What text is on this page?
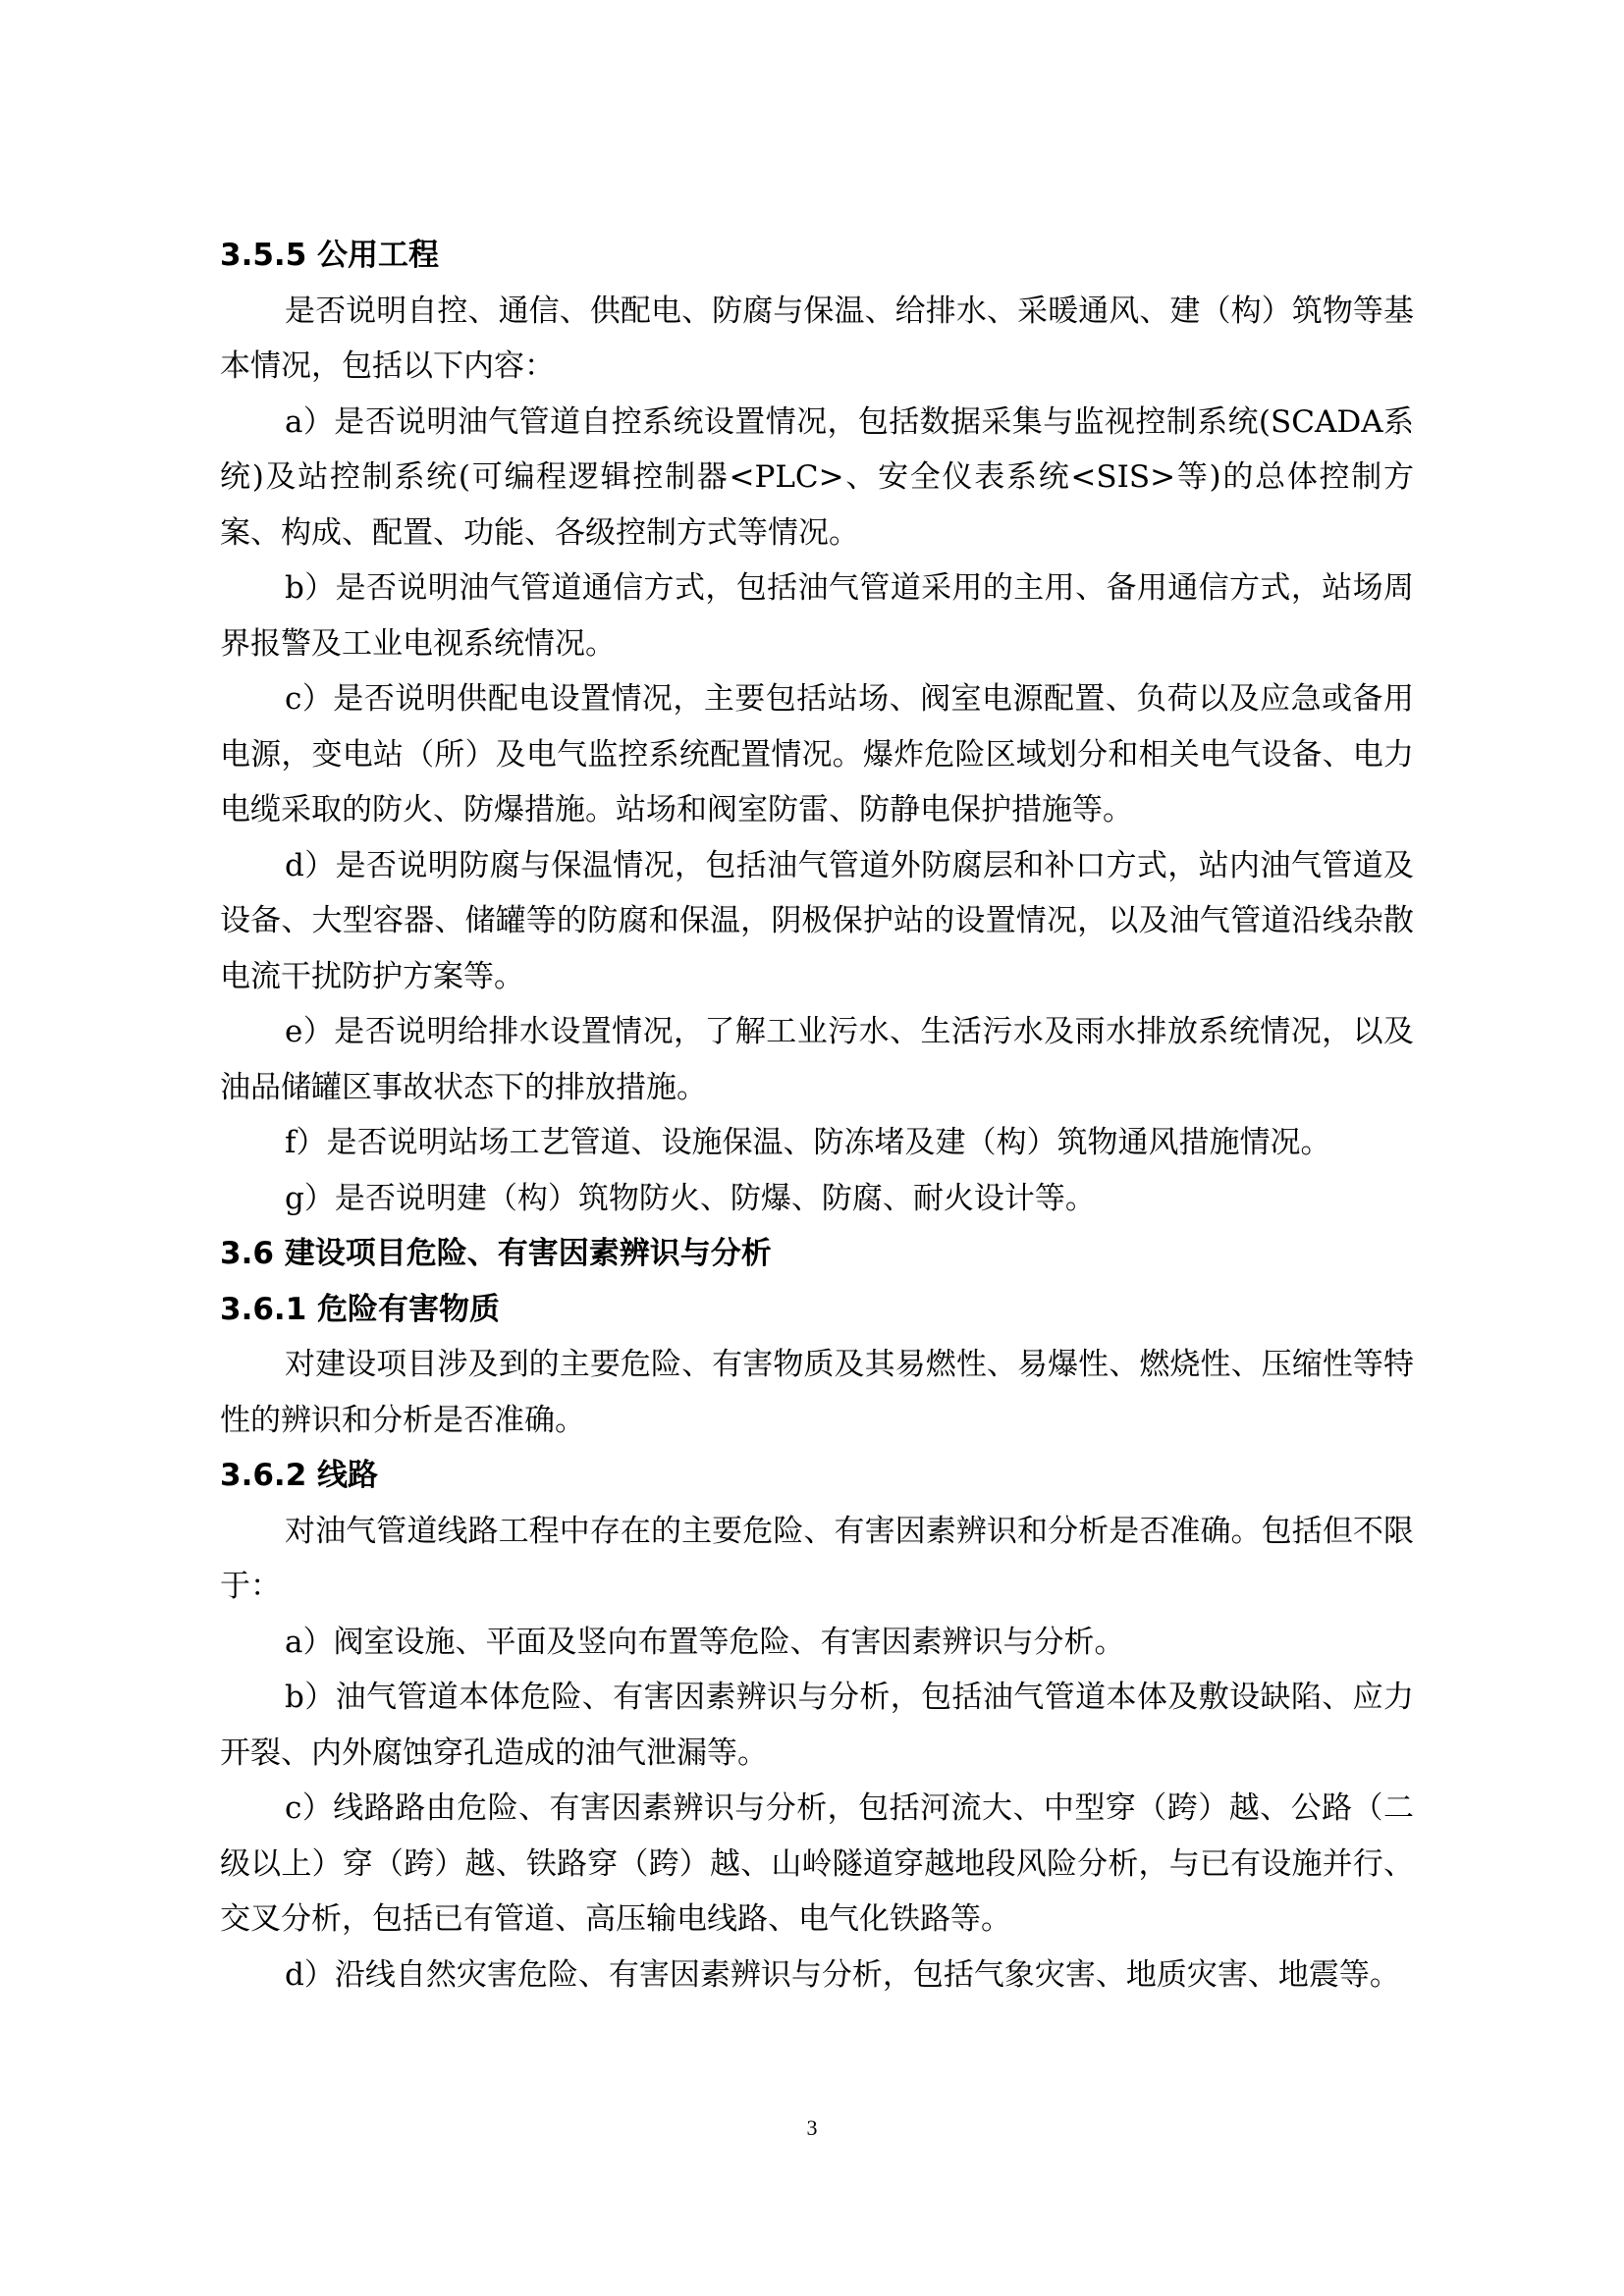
3.5.5 公用工程

是否说明自控、通信、供配电、防腐与保温、给排水、采暖通风、建（构）筑物等基本情况，包括以下内容：

a）是否说明油气管道自控系统设置情况，包括数据采集与监视控制系统(SCADA系统)及站控制系统(可编程逻辑控制器<PLC>、安全仪表系统<SIS>等)的总体控制方案、构成、配置、功能、各级控制方式等情况。

b）是否说明油气管道通信方式，包括油气管道采用的主用、备用通信方式，站场周界报警及工业电视系统情况。

c）是否说明供配电设置情况，主要包括站场、阀室电源配置、负荷以及应急或备用电源，变电站（所）及电气监控系统配置情况。爆炸危险区域划分和相关电气设备、电力电缆采取的防火、防爆措施。站场和阀室防雷、防静电保护措施等。

d）是否说明防腐与保温情况，包括油气管道外防腐层和补口方式，站内油气管道及设备、大型容器、储罐等的防腐和保温，阴极保护站的设置情况，以及油气管道沿线杂散电流干扰防护方案等。

e）是否说明给排水设置情况，了解工业污水、生活污水及雨水排放系统情况，以及油品储罐区事故状态下的排放措施。

f）是否说明站场工艺管道、设施保温、防冻堵及建（构）筑物通风措施情况。

g）是否说明建（构）筑物防火、防爆、防腐、耐火设计等。

3.6 建设项目危险、有害因素辨识与分析
3.6.1 危险有害物质

对建设项目涉及到的主要危险、有害物质及其易燃性、易爆性、燃烧性、压缩性等特性的辨识和分析是否准确。

3.6.2 线路

对油气管道线路工程中存在的主要危险、有害因素辨识和分析是否准确。包括但不限于：

a）阀室设施、平面及竖向布置等危险、有害因素辨识与分析。

b）油气管道本体危险、有害因素辨识与分析，包括油气管道本体及敷设缺陷、应力开裂、内外腐蚀穿孔造成的油气泄漏等。

c）线路路由危险、有害因素辨识与分析，包括河流大、中型穿（跨）越、公路（二级以上）穿（跨）越、铁路穿（跨）越、山岭隧道穿越地段风险分析，与已有设施并行、交叉分析，包括已有管道、高压输电线路、电气化铁路等。

d）沿线自然灾害危险、有害因素辨识与分析，包括气象灾害、地质灾害、地震等。

3
